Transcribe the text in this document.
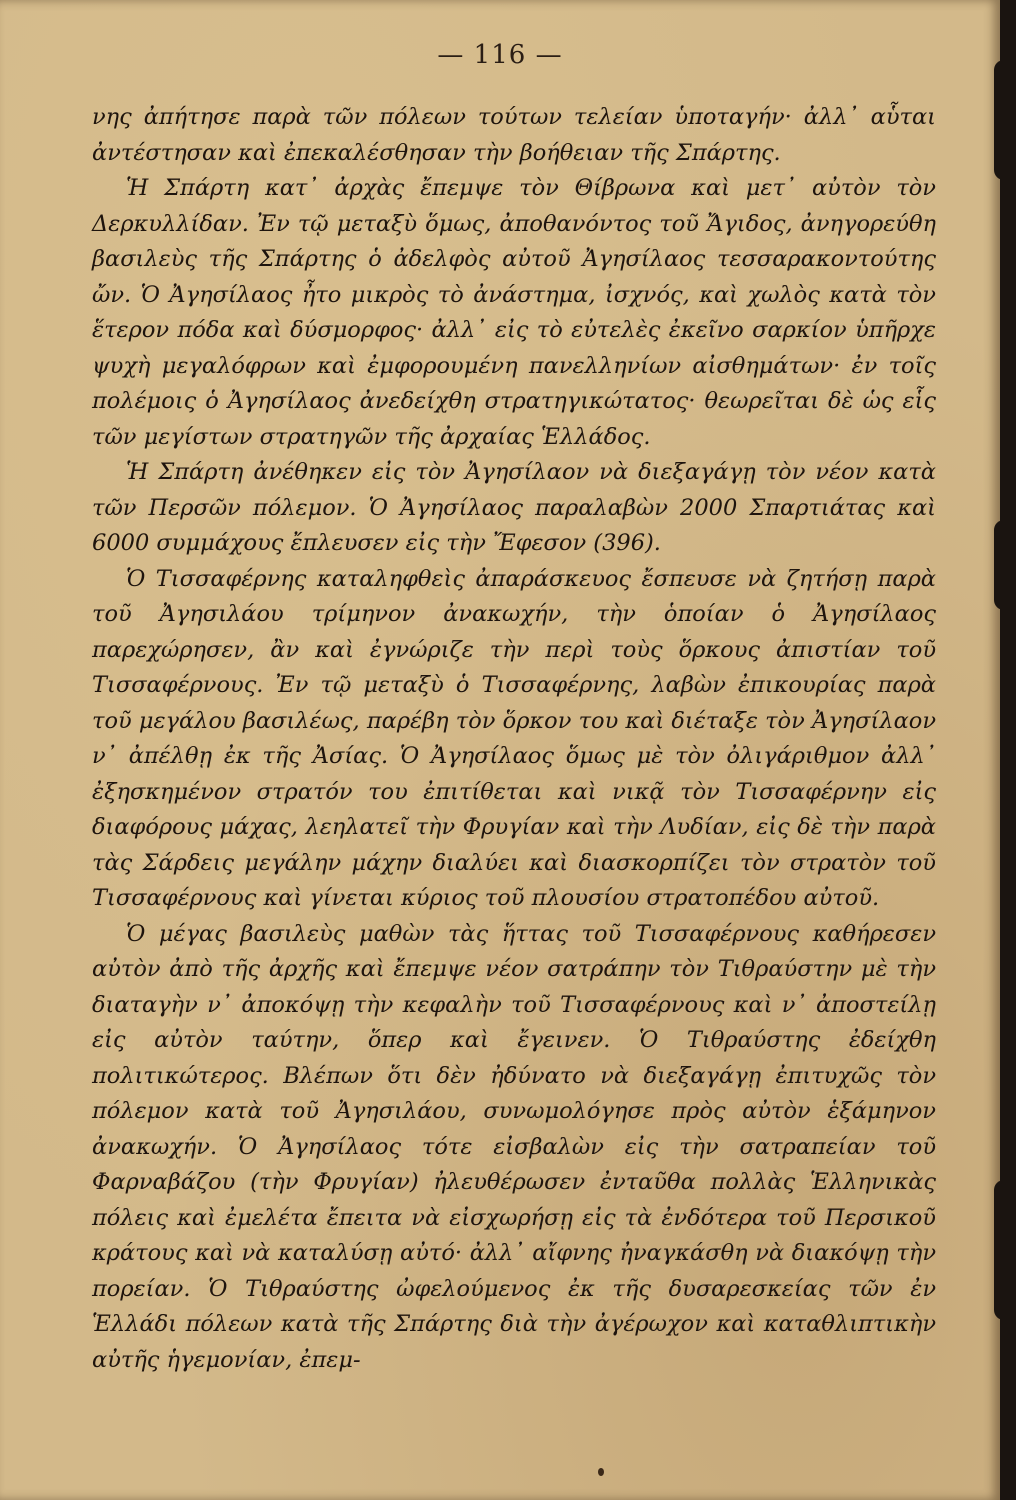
— 116 —

νης ἀπήτησε παρὰ τῶν πόλεων τούτων τελείαν ὑποταγήν· ἀλλ᾿ αὗται ἀντέστησαν καὶ ἐπεκαλέσθησαν τὴν βοήθειαν τῆς Σπάρτης.

Ἡ Σπάρτη κατ᾿ ἀρχὰς ἔπεμψε τὸν Θίβρωνα καὶ μετ᾿ αὐτὸν τὸν Δερκυλλίδαν. Ἐν τῷ μεταξὺ ὅμως, ἀποθανόντος τοῦ Ἄγιδος, ἀνηγορεύθη βασιλεὺς τῆς Σπάρτης ὁ ἀδελφὸς αὐτοῦ Ἀγησίλαος τεσσαρακοντούτης ὤν. Ὁ Ἀγησίλαος ἦτο μικρὸς τὸ ἀνάστημα, ἰσχνός, καὶ χωλὸς κατὰ τὸν ἕτερον πόδα καὶ δύσμορφος· ἀλλ᾿ εἰς τὸ εὐτελὲς ἐκεῖνο σαρκίον ὑπῆρχε ψυχὴ μεγαλόφρων καὶ ἐμφορουμένη πανελληνίων αἰσθημάτων· ἐν τοῖς πολέμοις ὁ Ἀγησίλαος ἀνεδείχθη στρατηγικώτατος· θεωρεῖται δὲ ὡς εἷς τῶν μεγίστων στρατηγῶν τῆς ἀρχαίας Ἑλλάδος.

Ἡ Σπάρτη ἀνέθηκεν εἰς τὸν Ἀγησίλαον νὰ διεξαγάγῃ τὸν νέον κατὰ τῶν Περσῶν πόλεμον. Ὁ Ἀγησίλαος παραλαβὼν 2000 Σπαρτιάτας καὶ 6000 συμμάχους ἔπλευσεν εἰς τὴν Ἔφεσον (396).

Ὁ Τισσαφέρνης καταληφθεὶς ἀπαράσκευος ἔσπευσε νὰ ζητήσῃ παρὰ τοῦ Ἀγησιλάου τρίμηνον ἀνακωχήν, τὴν ὁποίαν ὁ Ἀγησίλαος παρεχώρησεν, ἂν καὶ ἐγνώριζε τὴν περὶ τοὺς ὅρκους ἀπιστίαν τοῦ Τισσαφέρνους. Ἐν τῷ μεταξὺ ὁ Τισσαφέρνης, λαβὼν ἐπικουρίας παρὰ τοῦ μεγάλου βασιλέως, παρέβη τὸν ὅρκον του καὶ διέταξε τὸν Ἀγησίλαον ν᾿ ἀπέλθῃ ἐκ τῆς Ἀσίας. Ὁ Ἀγησίλαος ὅμως μὲ τὸν ὀλιγάριθμον ἀλλ᾿ ἐξησκημένον στρατόν του ἐπιτίθεται καὶ νικᾷ τὸν Τισσαφέρνην εἰς διαφόρους μάχας, λεηλατεῖ τὴν Φρυγίαν καὶ τὴν Λυδίαν, εἰς δὲ τὴν παρὰ τὰς Σάρδεις μεγάλην μάχην διαλύει καὶ διασκορπίζει τὸν στρατὸν τοῦ Τισσαφέρνους καὶ γίνεται κύριος τοῦ πλουσίου στρατοπέδου αὐτοῦ.

Ὁ μέγας βασιλεὺς μαθὼν τὰς ἥττας τοῦ Τισσαφέρνους καθήρεσεν αὐτὸν ἀπὸ τῆς ἀρχῆς καὶ ἔπεμψε νέον σατράπην τὸν Τιθραύστην μὲ τὴν διαταγὴν ν᾿ ἀποκόψῃ τὴν κεφαλὴν τοῦ Τισσαφέρνους καὶ ν᾿ ἀποστείλῃ εἰς αὐτὸν ταύτην, ὅπερ καὶ ἔγεινεν. Ὁ Τιθραύστης ἐδείχθη πολιτικώτερος. Βλέπων ὅτι δὲν ἠδύνατο νὰ διεξαγάγῃ ἐπιτυχῶς τὸν πόλεμον κατὰ τοῦ Ἀγησιλάου, συνωμολόγησε πρὸς αὐτὸν ἑξάμηνον ἀνακωχήν. Ὁ Ἀγησίλαος τότε εἰσβαλὼν εἰς τὴν σατραπείαν τοῦ Φαρναβάζου (τὴν Φρυγίαν) ἠλευθέρωσεν ἐνταῦθα πολλὰς Ἑλληνικὰς πόλεις καὶ ἐμελέτα ἔπειτα νὰ εἰσχωρήσῃ εἰς τὰ ἐνδότερα τοῦ Περσικοῦ κράτους καὶ νὰ καταλύσῃ αὐτό· ἀλλ᾿ αἴφνης ἠναγκάσθη νὰ διακόψῃ τὴν πορείαν. Ὁ Τιθραύστης ὠφελούμενος ἐκ τῆς δυσαρεσκείας τῶν ἐν Ἑλλάδι πόλεων κατὰ τῆς Σπάρτης διὰ τὴν ἀγέρωχον καὶ καταθλιπτικὴν αὐτῆς ἡγεμονίαν, ἐπεμ-
